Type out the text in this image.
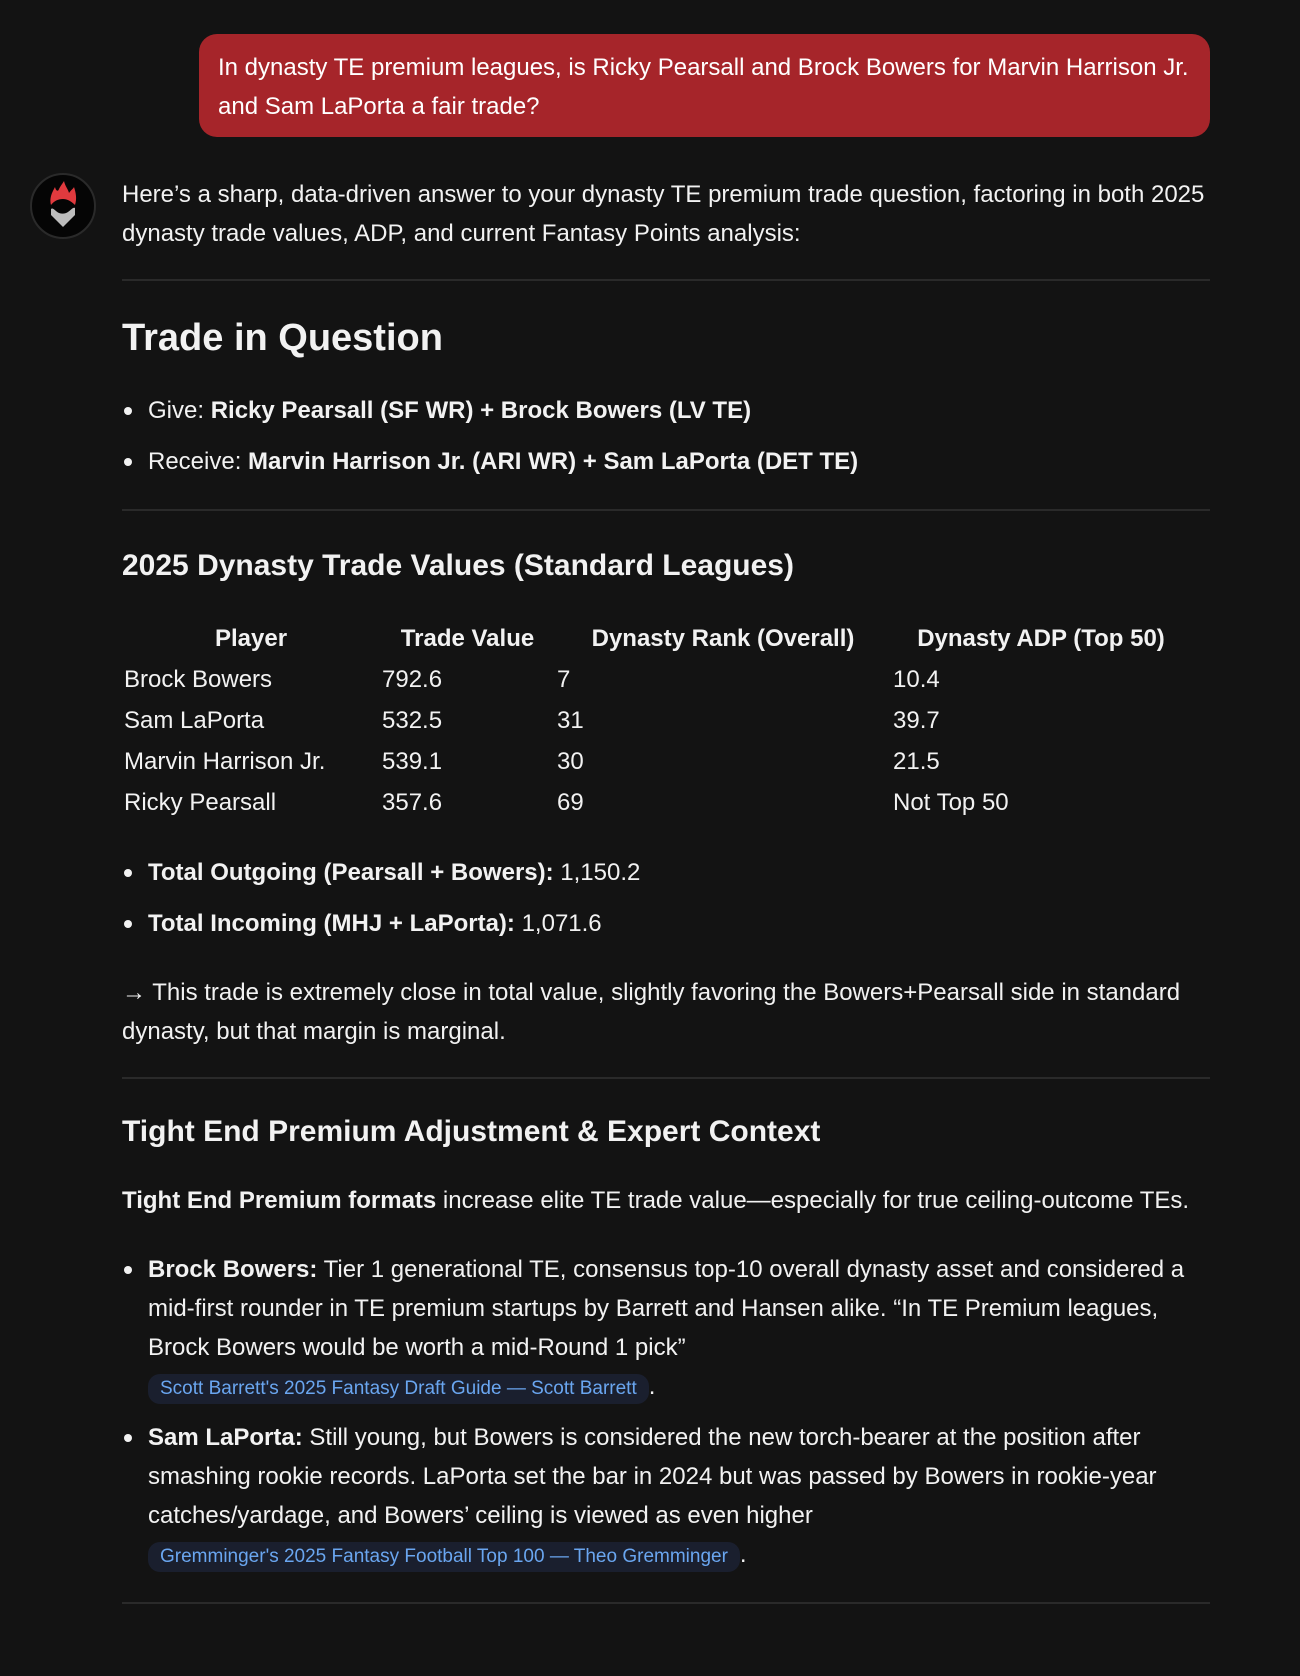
In dynasty TE premium leagues, is Ricky Pearsall and Brock Bowers for Marvin Harrison Jr. and Sam LaPorta a fair trade?

Here’s a sharp, data-driven answer to your dynasty TE premium trade question, factoring in both 2025 dynasty trade values, ADP, and current Fantasy Points analysis:

Trade in Question
Give: Ricky Pearsall (SF WR) + Brock Bowers (LV TE)
Receive: Marvin Harrison Jr. (ARI WR) + Sam LaPorta (DET TE)
2025 Dynasty Trade Values (Standard Leagues)
Player	Trade Value	Dynasty Rank (Overall)	Dynasty ADP (Top 50)
Brock Bowers	792.6	7	10.4
Sam LaPorta	532.5	31	39.7
Marvin Harrison Jr.	539.1	30	21.5
Ricky Pearsall	357.6	69	Not Top 50
Total Outgoing (Pearsall + Bowers): 1,150.2
Total Incoming (MHJ + LaPorta): 1,071.6

→ This trade is extremely close in total value, slightly favoring the Bowers+Pearsall side in standard dynasty, but that margin is marginal.

Tight End Premium Adjustment & Expert Context

Tight End Premium formats increase elite TE trade value—especially for true ceiling-outcome TEs.

Brock Bowers: Tier 1 generational TE, consensus top-10 overall dynasty asset and considered a mid-first rounder in TE premium startups by Barrett and Hansen alike. “In TE Premium leagues, Brock Bowers would be worth a mid-Round 1 pick”
Scott Barrett's 2025 Fantasy Draft Guide — Scott Barrett .
Sam LaPorta: Still young, but Bowers is considered the new torch-bearer at the position after smashing rookie records. LaPorta set the bar in 2024 but was passed by Bowers in rookie-year catches/yardage, and Bowers’ ceiling is viewed as even higher
Gremminger's 2025 Fantasy Football Top 100 — Theo Gremminger .
